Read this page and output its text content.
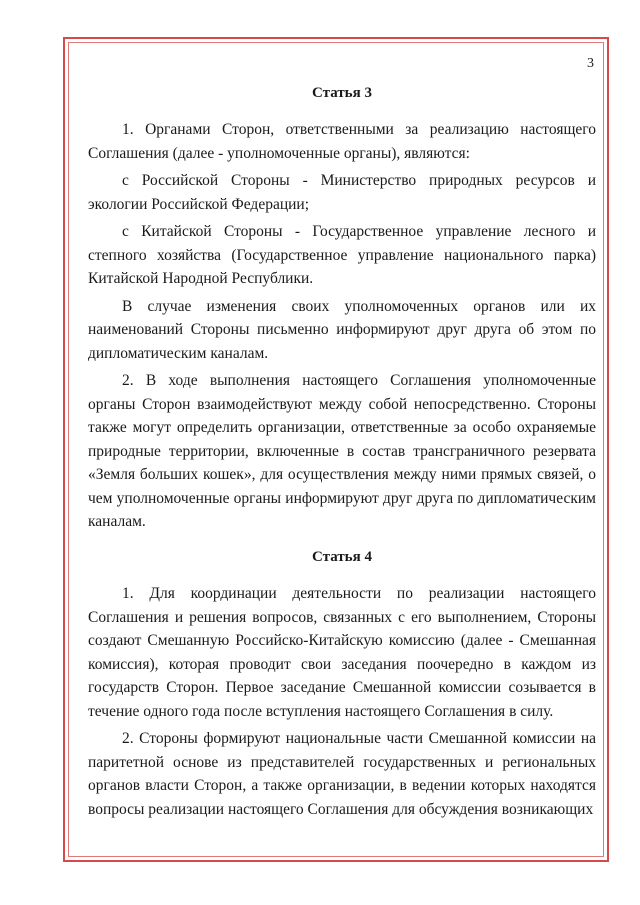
3
Статья 3

1. Органами Сторон, ответственными за реализацию настоящего Соглашения (далее - уполномоченные органы), являются:

с Российской Стороны - Министерство природных ресурсов и экологии Российской Федерации;

с Китайской Стороны - Государственное управление лесного и степного хозяйства (Государственное управление национального парка) Китайской Народной Республики.

В случае изменения своих уполномоченных органов или их наименований Стороны письменно информируют друг друга об этом по дипломатическим каналам.

2. В ходе выполнения настоящего Соглашения уполномоченные органы Сторон взаимодействуют между собой непосредственно. Стороны также могут определить организации, ответственные за особо охраняемые природные территории, включенные в состав трансграничного резервата «Земля больших кошек», для осуществления между ними прямых связей, о чем уполномоченные органы информируют друг друга по дипломатическим каналам.

Статья 4

1. Для координации деятельности по реализации настоящего Соглашения и решения вопросов, связанных с его выполнением, Стороны создают Смешанную Российско-Китайскую комиссию (далее - Смешанная комиссия), которая проводит свои заседания поочередно в каждом из государств Сторон. Первое заседание Смешанной комиссии созывается в течение одного года после вступления настоящего Соглашения в силу.

2. Стороны формируют национальные части Смешанной комиссии на паритетной основе из представителей государственных и региональных органов власти Сторон, а также организации, в ведении которых находятся вопросы реализации настоящего Соглашения для обсуждения возникающих
